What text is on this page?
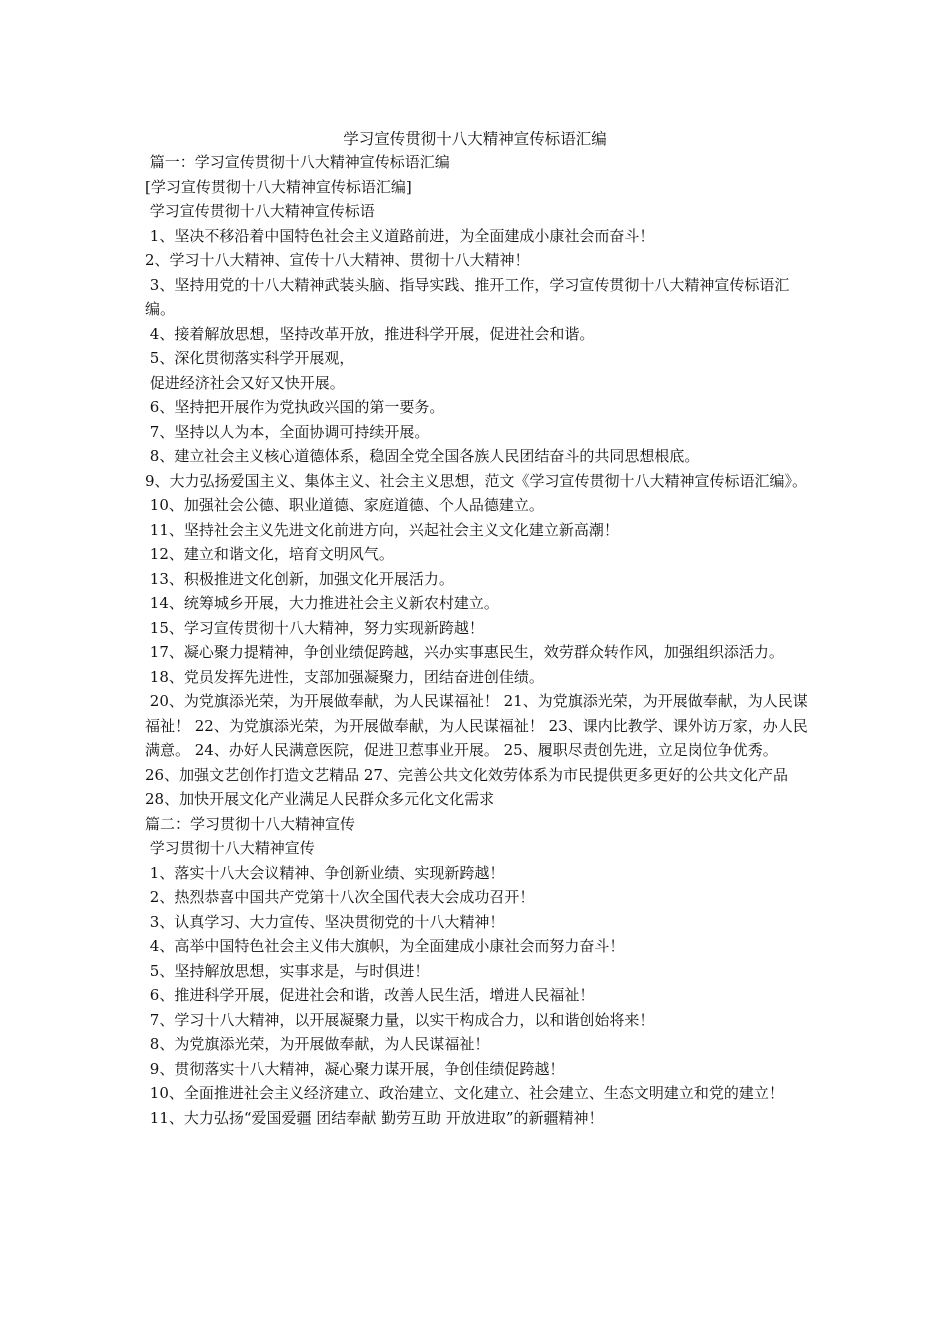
学习宣传贯彻十八大精神宣传标语汇编
篇一：学习宣传贯彻十八大精神宣传标语汇编
[学习宣传贯彻十八大精神宣传标语汇编]
学习宣传贯彻十八大精神宣传标语
1、坚决不移沿着中国特色社会主义道路前进，为全面建成小康社会而奋斗！
2、学习十八大精神、宣传十八大精神、贯彻十八大精神！
3、坚持用党的十八大精神武装头脑、指导实践、推开工作，学习宣传贯彻十八大精神宣传标语汇编。
4、接着解放思想，坚持改革开放，推进科学开展，促进社会和谐。
5、深化贯彻落实科学开展观，
促进经济社会又好又快开展。
6、坚持把开展作为党执政兴国的第一要务。
7、坚持以人为本，全面协调可持续开展。
8、建立社会主义核心道德体系，稳固全党全国各族人民团结奋斗的共同思想根底。
9、大力弘扬爱国主义、集体主义、社会主义思想，范文《学习宣传贯彻十八大精神宣传标语汇编》。
10、加强社会公德、职业道德、家庭道德、个人品德建立。
11、坚持社会主义先进文化前进方向，兴起社会主义文化建立新高潮！
12、建立和谐文化，培育文明风气。
13、积极推进文化创新，加强文化开展活力。
14、统筹城乡开展，大力推进社会主义新农村建立。
15、学习宣传贯彻十八大精神，努力实现新跨越！
17、凝心聚力提精神，争创业绩促跨越，兴办实事惠民生，效劳群众转作风，加强组织添活力。
18、党员发挥先进性，支部加强凝聚力，团结奋进创佳绩。
20、为党旗添光荣，为开展做奉献，为人民谋福祉！ 21、为党旗添光荣，为开展做奉献，为人民谋福祉！ 22、为党旗添光荣，为开展做奉献，为人民谋福祉！ 23、课内比教学、课外访万家，办人民满意。 24、办好人民满意医院，促进卫惹事业开展。 25、履职尽责创先进，立足岗位争优秀。 26、加强文艺创作打造文艺精品 27、完善公共文化效劳体系为市民提供更多更好的公共文化产品 28、加快开展文化产业满足人民群众多元化文化需求
篇二：学习贯彻十八大精神宣传
学习贯彻十八大精神宣传
1、落实十八大会议精神、争创新业绩、实现新跨越！
2、热烈恭喜中国共产党第十八次全国代表大会成功召开！
3、认真学习、大力宣传、坚决贯彻党的十八大精神！
4、高举中国特色社会主义伟大旗帜，为全面建成小康社会而努力奋斗！
5、坚持解放思想，实事求是，与时俱进！
6、推进科学开展，促进社会和谐，改善人民生活，增进人民福祉！
7、学习十八大精神，以开展凝聚力量，以实干构成合力，以和谐创始将来！
8、为党旗添光荣，为开展做奉献，为人民谋福祉！
9、贯彻落实十八大精神，凝心聚力谋开展，争创佳绩促跨越！
10、全面推进社会主义经济建立、政治建立、文化建立、社会建立、生态文明建立和党的建立！
11、大力弘扬“爱国爱疆 团结奉献 勤劳互助 开放进取”的新疆精神！
